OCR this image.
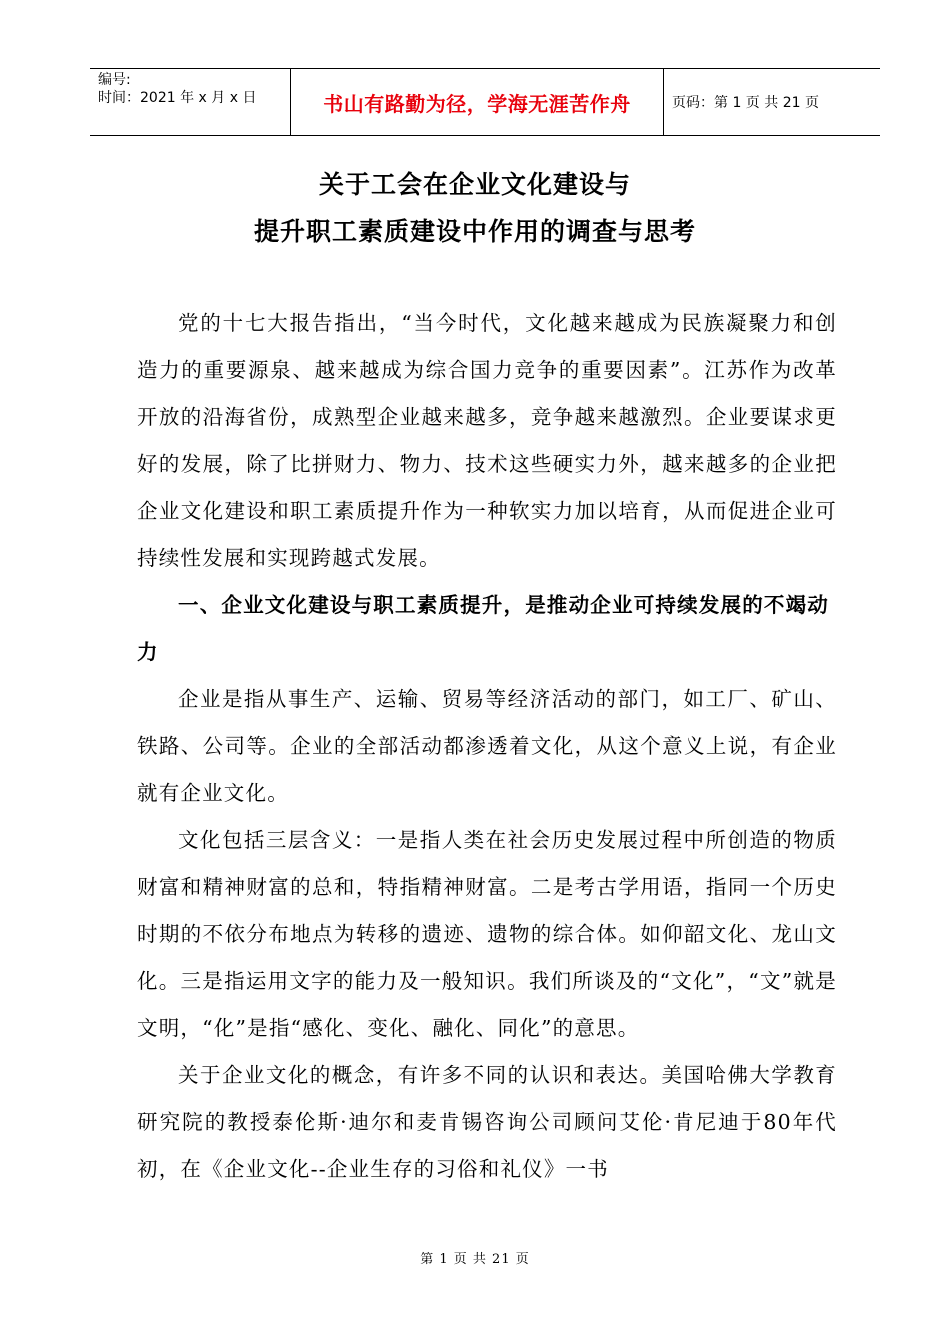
编号:
时间：2021 年 x 月 x 日	书山有路勤为径，学海无涯苦作舟	页码：第 1 页 共 21 页
关于工会在企业文化建设与
提升职工素质建设中作用的调查与思考

党的十七大报告指出，“当今时代，文化越来越成为民族凝聚力和创造力的重要源泉、越来越成为综合国力竞争的重要因素”。江苏作为改革开放的沿海省份，成熟型企业越来越多，竞争越来越激烈。企业要谋求更好的发展，除了比拼财力、物力、技术这些硬实力外，越来越多的企业把企业文化建设和职工素质提升作为一种软实力加以培育，从而促进企业可持续性发展和实现跨越式发展。

一、企业文化建设与职工素质提升，是推动企业可持续发展的不竭动力

企业是指从事生产、运输、贸易等经济活动的部门，如工厂、矿山、铁路、公司等。企业的全部活动都渗透着文化，从这个意义上说，有企业就有企业文化。

文化包括三层含义：一是指人类在社会历史发展过程中所创造的物质财富和精神财富的总和，特指精神财富。二是考古学用语，指同一个历史时期的不依分布地点为转移的遗迹、遗物的综合体。如仰韶文化、龙山文化。三是指运用文字的能力及一般知识。我们所谈及的“文化”，“文”就是文明，“化”是指“感化、变化、融化、同化”的意思。

关于企业文化的概念，有许多不同的认识和表达。美国哈佛大学教育研究院的教授泰伦斯·迪尔和麦肯锡咨询公司顾问艾伦·肯尼迪于80年代初，在《企业文化--企业生存的习俗和礼仪》一书

第 1 页 共 21 页
